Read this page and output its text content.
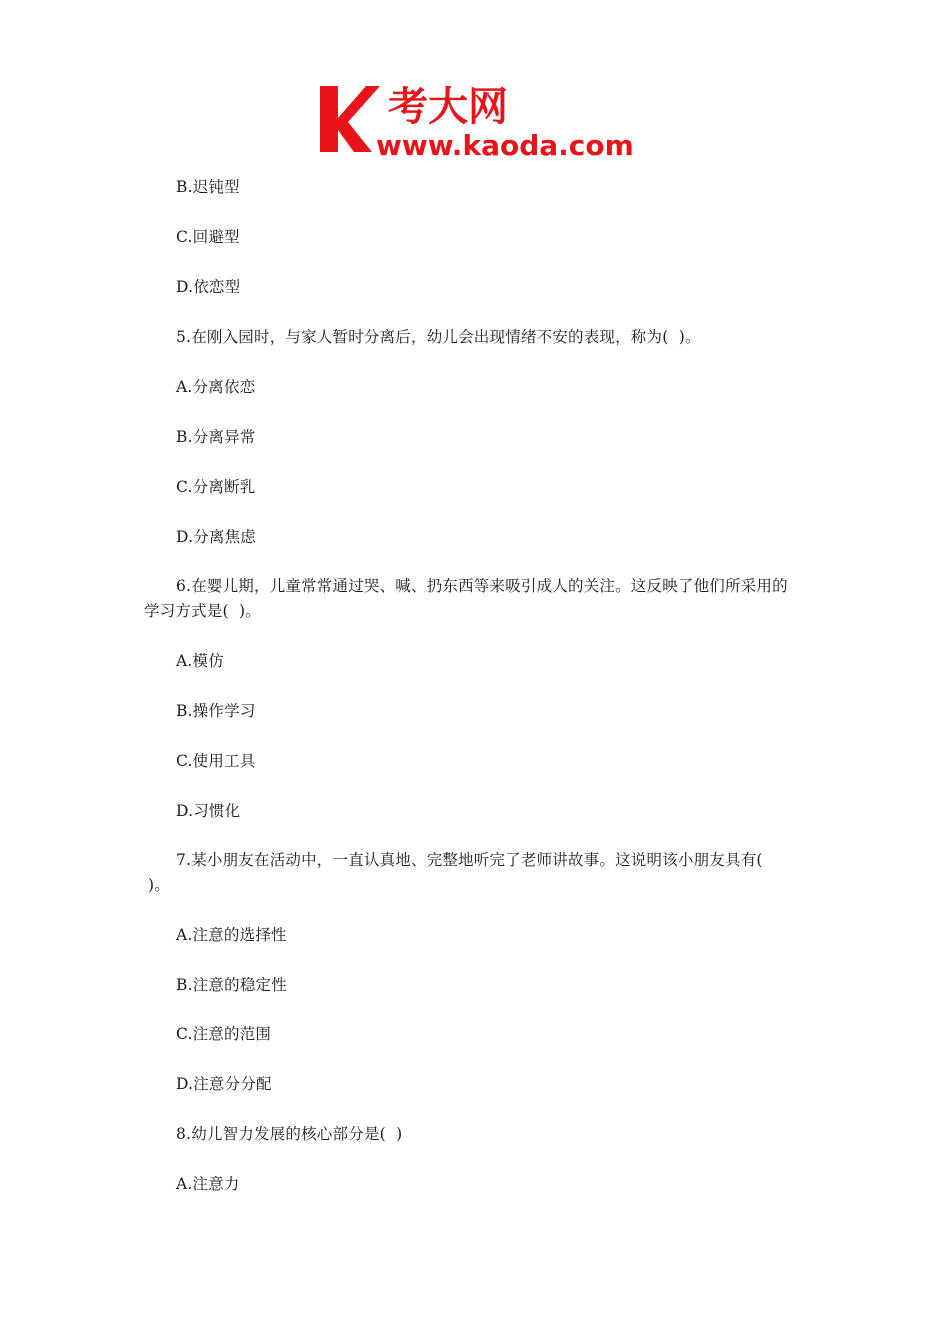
考大网
www.kaoda.com
B.迟钝型
C.回避型
D.依恋型
5.在刚入园时，与家人暂时分离后，幼儿会出现情绪不安的表现，称为(  )。
A.分离依恋
B.分离异常
C.分离断乳
D.分离焦虑
6.在婴儿期，儿童常常通过哭、喊、扔东西等来吸引成人的关注。这反映了他们所采用的
学习方式是(  )。
A.模仿
B.操作学习
C.使用工具
D.习惯化
7.某小朋友在活动中，一直认真地、完整地听完了老师讲故事。这说明该小朋友具有(
)。
A.注意的选择性
B.注意的稳定性
C.注意的范围
D.注意分分配
8.幼儿智力发展的核心部分是(  )
A.注意力
